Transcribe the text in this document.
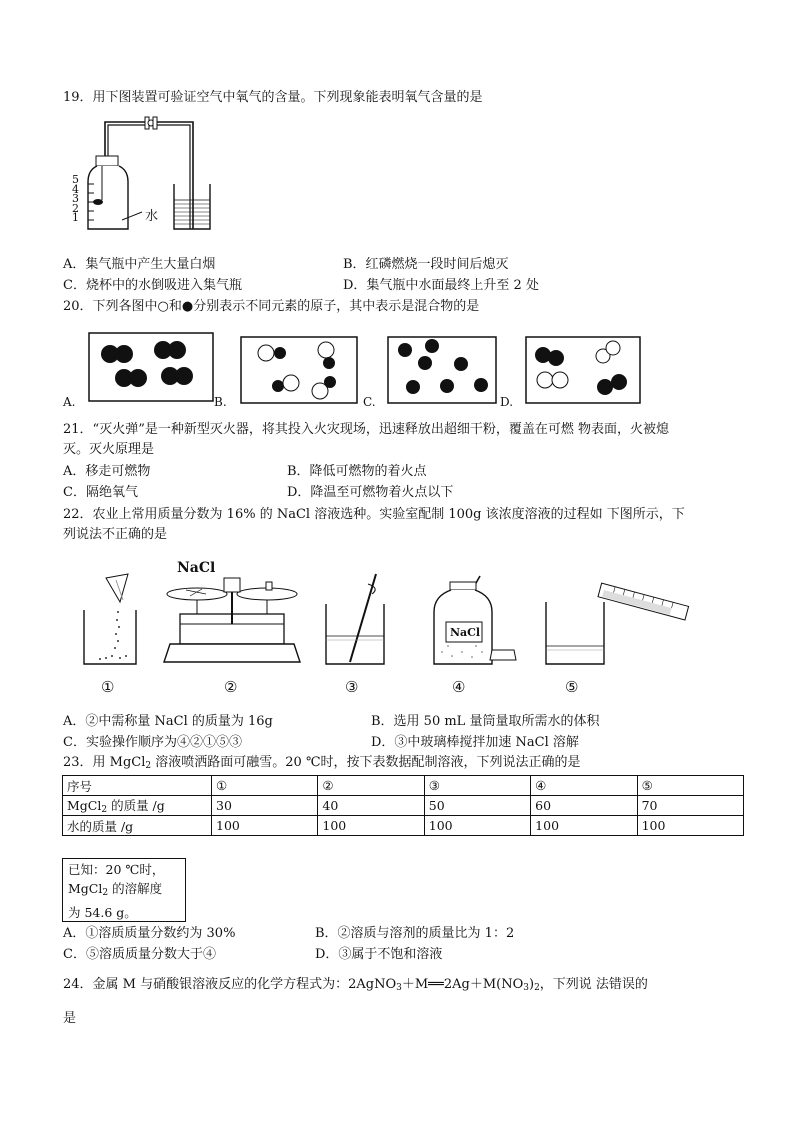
19．用下图装置可验证空气中氧气的含量。下列现象能表明氧气含量的是
5
4
3
2
1	水
A．集气瓶中产生大量白烟	B．红磷燃烧一段时间后熄灭
C．烧杯中的水倒吸进入集气瓶	D．集气瓶中水面最终上升至 2 处
20．下列各图中○和●分别表示不同元素的原子，其中表示是混合物的是
A.	B.	C.	D.
21．“灭火弹”是一种新型灭火器，将其投入火灾现场，迅速释放出超细干粉，覆盖在可燃 物表面，火被熄
灭。灭火原理是
A．移走可燃物	B．降低可燃物的着火点
C．隔绝氧气	D．降温至可燃物着火点以下
22．农业上常用质量分数为 16% 的 NaCl 溶液选种。实验室配制 100g 该浓度溶液的过程如 下图所示，下
列说法不正确的是
①
NaCl
②	③
NaCl
④	⑤
A．②中需称量 NaCl 的质量为 16g	B．选用 50 mL 量筒量取所需水的体积
C．实验操作顺序为④②①⑤③	D．③中玻璃棒搅拌加速 NaCl 溶解
23．用 MgCl$_2$ 溶液喷洒路面可融雪。20 ℃时，按下表数据配制溶液，下列说法正确的是
序号	①	②	③	④	⑤
MgCl$_2$ 的质量 /g	30	40	50	60	70
水的质量 /g	100	100	100	100	100
已知：20 ℃时，
MgCl$_2$ 的溶解度
为 54.6 g。
A．①溶质质量分数约为 30%	B．②溶质与溶剂的质量比为 1：2
C．⑤溶质质量分数大于④	D．③属于不饱和溶液
24．金属 M 与硝酸银溶液反应的化学方程式为：$2AgNO_3+M══2Ag+M(NO_3)_2$，下列说 法错误的
是
